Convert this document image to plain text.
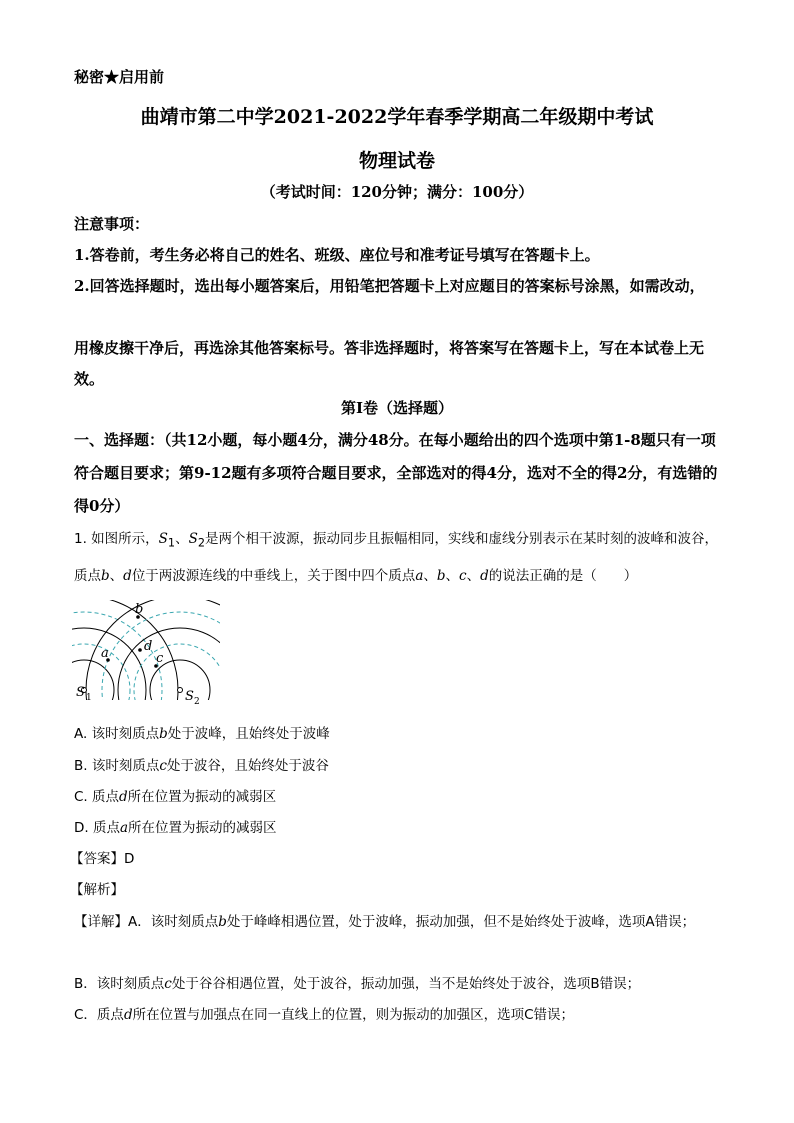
秘密★启用前
曲靖市第二中学2021-2022学年春季学期高二年级期中考试
物理试卷
（考试时间：120分钟；满分：100分）
注意事项：
1.答卷前，考生务必将自己的姓名、班级、座位号和准考证号填写在答题卡上。
2.回答选择题时，选出每小题答案后，用铅笔把答题卡上对应题目的答案标号涂黑，如需改动，
用橡皮擦干净后，再选涂其他答案标号。答非选择题时，将答案写在答题卡上，写在本试卷上无效。
第Ⅰ卷（选择题）
一、选择题：（共12小题，每小题4分，满分48分。在每小题给出的四个选项中第1-8题只有一项符合题目要求；第9-12题有多项符合题目要求，全部选对的得4分，选对不全的得2分，有选错的得0分）
1. 如图所示，$S_1$、$S_2$是两个相干波源，振动同步且振幅相同，实线和虚线分别表示在某时刻的波峰和波谷，质点b、d位于两波源连线的中垂线上，关于图中四个质点a、b、c、d的说法正确的是（　　）
a
b
c
d
S	S
1	2
A. 该时刻质点b处于波峰，且始终处于波峰
B. 该时刻质点c处于波谷，且始终处于波谷
C. 质点d所在位置为振动的减弱区
D. 质点a所在位置为振动的减弱区
【答案】D
【解析】
【详解】A．该时刻质点b处于峰峰相遇位置，处于波峰，振动加强，但不是始终处于波峰，选项A错误；
B．该时刻质点c处于谷谷相遇位置，处于波谷，振动加强，当不是始终处于波谷，选项B错误；
C．质点d所在位置与加强点在同一直线上的位置，则为振动的加强区，选项C错误；
